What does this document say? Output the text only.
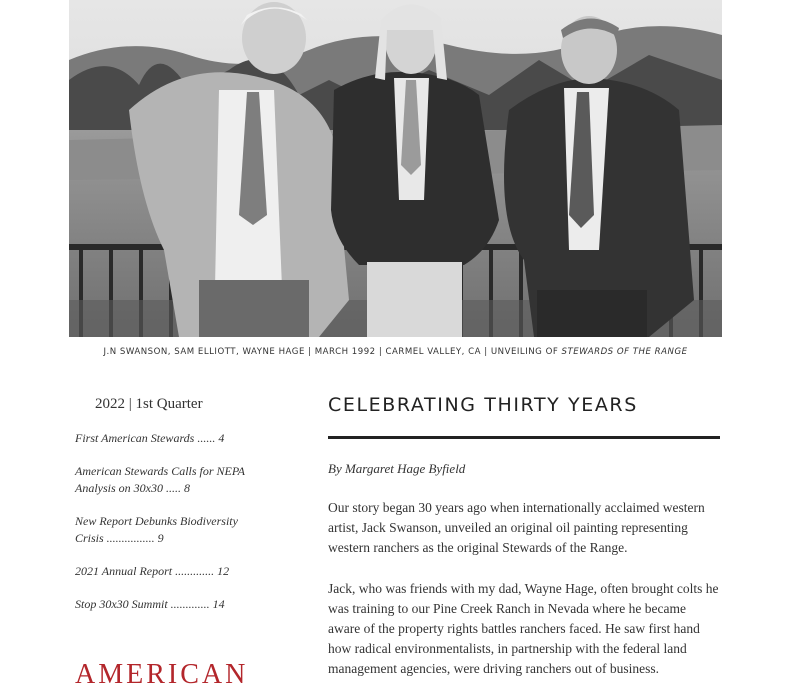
J.N SWANSON, SAM ELLIOTT, WAYNE HAGE | MARCH 1992 | CARMEL VALLEY, CA | UNVEILING OF STEWARDS OF THE RANGE
2022 | 1st Quarter
First American Stewards ...... 4
American Stewards Calls for NEPA Analysis on 30x30 ..... 8
New Report Debunks Biodiversity Crisis ................ 9
2021 Annual Report ............. 12
Stop 30x30 Summit ............. 14
AMERICAN
CELEBRATING THIRTY YEARS

By Margaret Hage Byfield

Our story began 30 years ago when internationally acclaimed western artist, Jack Swanson, unveiled an original oil painting representing western ranchers as the original Stewards of the Range.

Jack, who was friends with my dad, Wayne Hage, often brought colts he was training to our Pine Creek Ranch in Nevada where he became aware of the property rights battles ranchers faced. He saw first hand how radical environmentalists, in partnership with the federal land management agencies, were driving ranchers out of business.
